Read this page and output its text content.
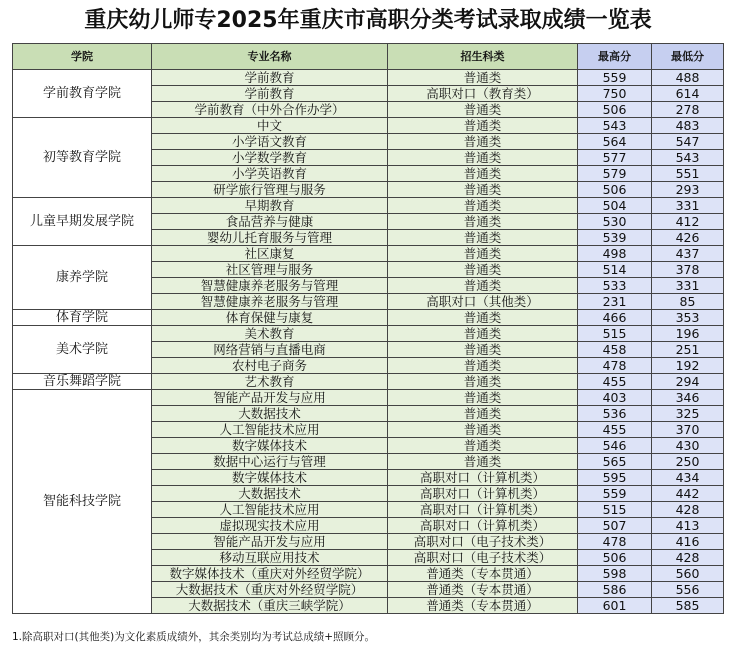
重庆幼儿师专2025年重庆市高职分类考试录取成绩一览表
学院	专业名称	招生科类	最高分	最低分
学前教育学院	学前教育	普通类	559	488
	学前教育	高职对口（教育类）	750	614
	学前教育（中外合作办学）	普通类	506	278
初等教育学院	中文	普通类	543	483
	小学语文教育	普通类	564	547
	小学数学教育	普通类	577	543
	小学英语教育	普通类	579	551
	研学旅行管理与服务	普通类	506	293
儿童早期发展学院	早期教育	普通类	504	331
	食品营养与健康	普通类	530	412
	婴幼儿托育服务与管理	普通类	539	426
康养学院	社区康复	普通类	498	437
	社区管理与服务	普通类	514	378
	智慧健康养老服务与管理	普通类	533	331
	智慧健康养老服务与管理	高职对口（其他类）	231	85
体育学院	体育保健与康复	普通类	466	353
美术学院	美术教育	普通类	515	196
	网络营销与直播电商	普通类	458	251
	农村电子商务	普通类	478	192
音乐舞蹈学院	艺术教育	普通类	455	294
智能科技学院	智能产品开发与应用	普通类	403	346
	大数据技术	普通类	536	325
	人工智能技术应用	普通类	455	370
	数字媒体技术	普通类	546	430
	数据中心运行与管理	普通类	565	250
	数字媒体技术	高职对口（计算机类）	595	434
	大数据技术	高职对口（计算机类）	559	442
	人工智能技术应用	高职对口（计算机类）	515	428
	虚拟现实技术应用	高职对口（计算机类）	507	413
	智能产品开发与应用	高职对口（电子技术类）	478	416
	移动互联应用技术	高职对口（电子技术类）	506	428
	数字媒体技术（重庆对外经贸学院）	普通类（专本贯通）	598	560
	大数据技术（重庆对外经贸学院）	普通类（专本贯通）	586	556
	大数据技术（重庆三峡学院）	普通类（专本贯通）	601	585
1.除高职对口(其他类)为文化素质成绩外，其余类别均为考试总成绩+照顾分。
